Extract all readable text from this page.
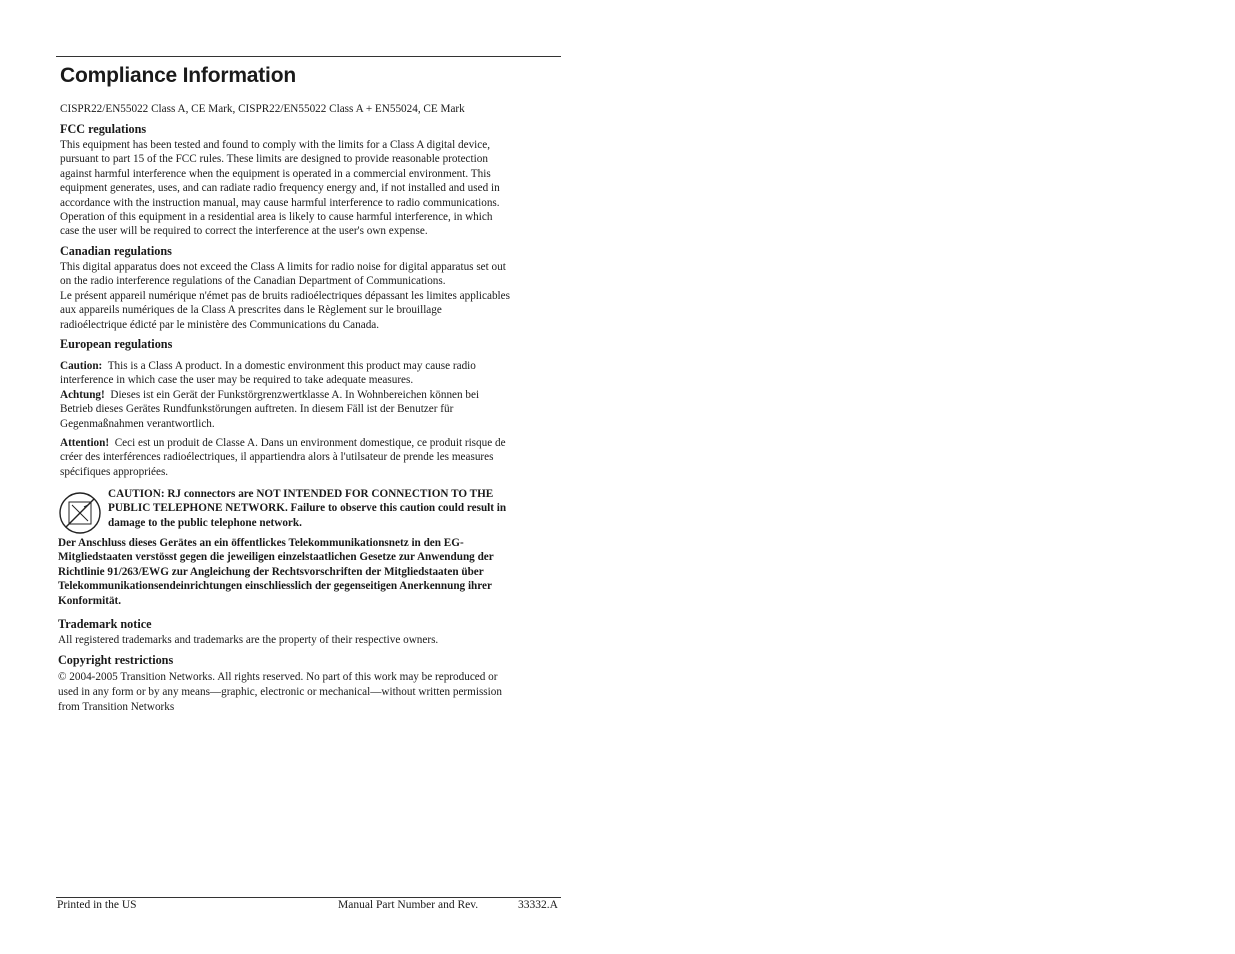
Compliance Information
CISPR22/EN55022 Class A, CE Mark, CISPR22/EN55022 Class A + EN55024, CE Mark
FCC regulations
This equipment has been tested and found to comply with the limits for a Class A digital device,
pursuant to part 15 of the FCC rules. These limits are designed to provide reasonable protection
against harmful interference when the equipment is operated in a commercial environment. This
equipment generates, uses, and can radiate radio frequency energy and, if not installed and used in
accordance with the instruction manual, may cause harmful interference to radio communications.
Operation of this equipment in a residential area is likely to cause harmful interference, in which
case the user will be required to correct the interference at the user's own expense.
Canadian regulations
This digital apparatus does not exceed the Class A limits for radio noise for digital apparatus set out
on the radio interference regulations of the Canadian Department of Communications.
Le présent appareil numérique n'émet pas de bruits radioélectriques dépassant les limites applicables
aux appareils numériques de la Class A prescrites dans le Règlement sur le brouillage
radioélectrique édicté par le ministère des Communications du Canada.
European regulations
Caution: This is a Class A product. In a domestic environment this product may cause radio
interference in which case the user may be required to take adequate measures.
Achtung! Dieses ist ein Gerät der Funkstörgrenzwertklasse A. In Wohnbereichen können bei
Betrieb dieses Gerätes Rundfunkstörungen auftreten. In diesem Fäll ist der Benutzer für
Gegenmaßnahmen verantwortlich.
Attention! Ceci est un produit de Classe A. Dans un environment domestique, ce produit risque de
créer des interférences radioélectriques, il appartiendra alors à l'utilsateur de prende les measures
spécifiques appropriées.
CAUTION: RJ connectors are NOT INTENDED FOR CONNECTION TO THE
PUBLIC TELEPHONE NETWORK. Failure to observe this caution could result in
damage to the public telephone network.
Der Anschluss dieses Gerätes an ein öffentlickes Telekommunikationsnetz in den EG-
Mitgliedstaaten verstösst gegen die jeweiligen einzelstaatlichen Gesetze zur Anwendung der
Richtlinie 91/263/EWG zur Angleichung der Rechtsvorschriften der Mitgliedstaaten über
Telekommunikationsendeinrichtungen einschliesslich der gegenseitigen Anerkennung ihrer
Konformität.
Trademark notice
All registered trademarks and trademarks are the property of their respective owners.
Copyright restrictions
© 2004-2005 Transition Networks. All rights reserved. No part of this work may be reproduced or
used in any form or by any means—graphic, electronic or mechanical—without written permission
from Transition Networks
Printed in the US	Manual Part Number and Rev.	33332.A
